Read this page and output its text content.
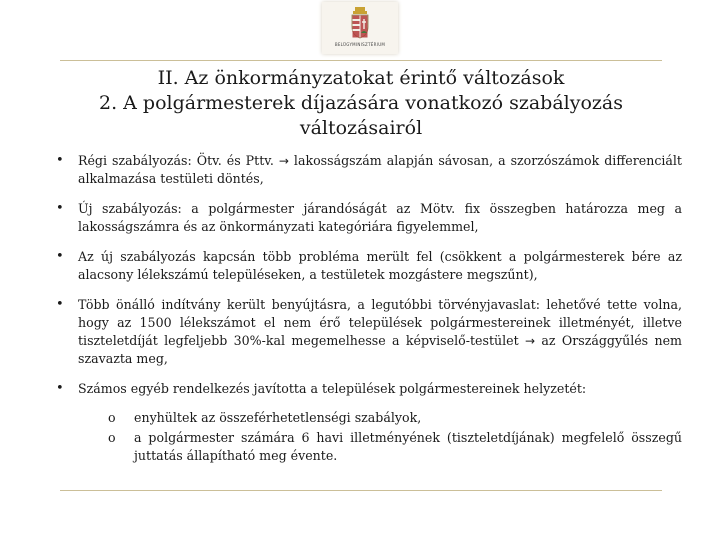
BELÜGYMINISZTÉRIUM
II. Az önkormányzatokat érintő változások
2. A polgármesterek díjazására vonatkozó szabályozás
változásairól
• Régi szabályozás: Ötv. és Pttv. → lakosságszám alapján sávosan, a szorzószámok differenciált alkalmazása testületi döntés,
• Új szabályozás: a polgármester járandóságát az Mötv. fix összegben határozza meg a lakosságszámra és az önkormányzati kategóriára figyelemmel,
• Az új szabályozás kapcsán több probléma merült fel (csökkent a polgármesterek bére az alacsony lélekszámú településeken, a testületek mozgástere megszűnt),
• Több önálló indítvány került benyújtásra, a legutóbbi törvényjavaslat: lehetővé tette volna, hogy az 1500 lélekszámot el nem érő települések polgármestereinek illetményét, illetve tiszteletdíját legfeljebb 30%-kal megemelhesse a képviselő-testület → az Országgyűlés nem szavazta meg,
• Számos egyéb rendelkezés javította a települések polgármestereinek helyzetét:
o enyhültek az összeférhetetlenségi szabályok,
o a polgármester számára 6 havi illetményének (tiszteletdíjának) megfelelő összegű juttatás állapítható meg évente.
